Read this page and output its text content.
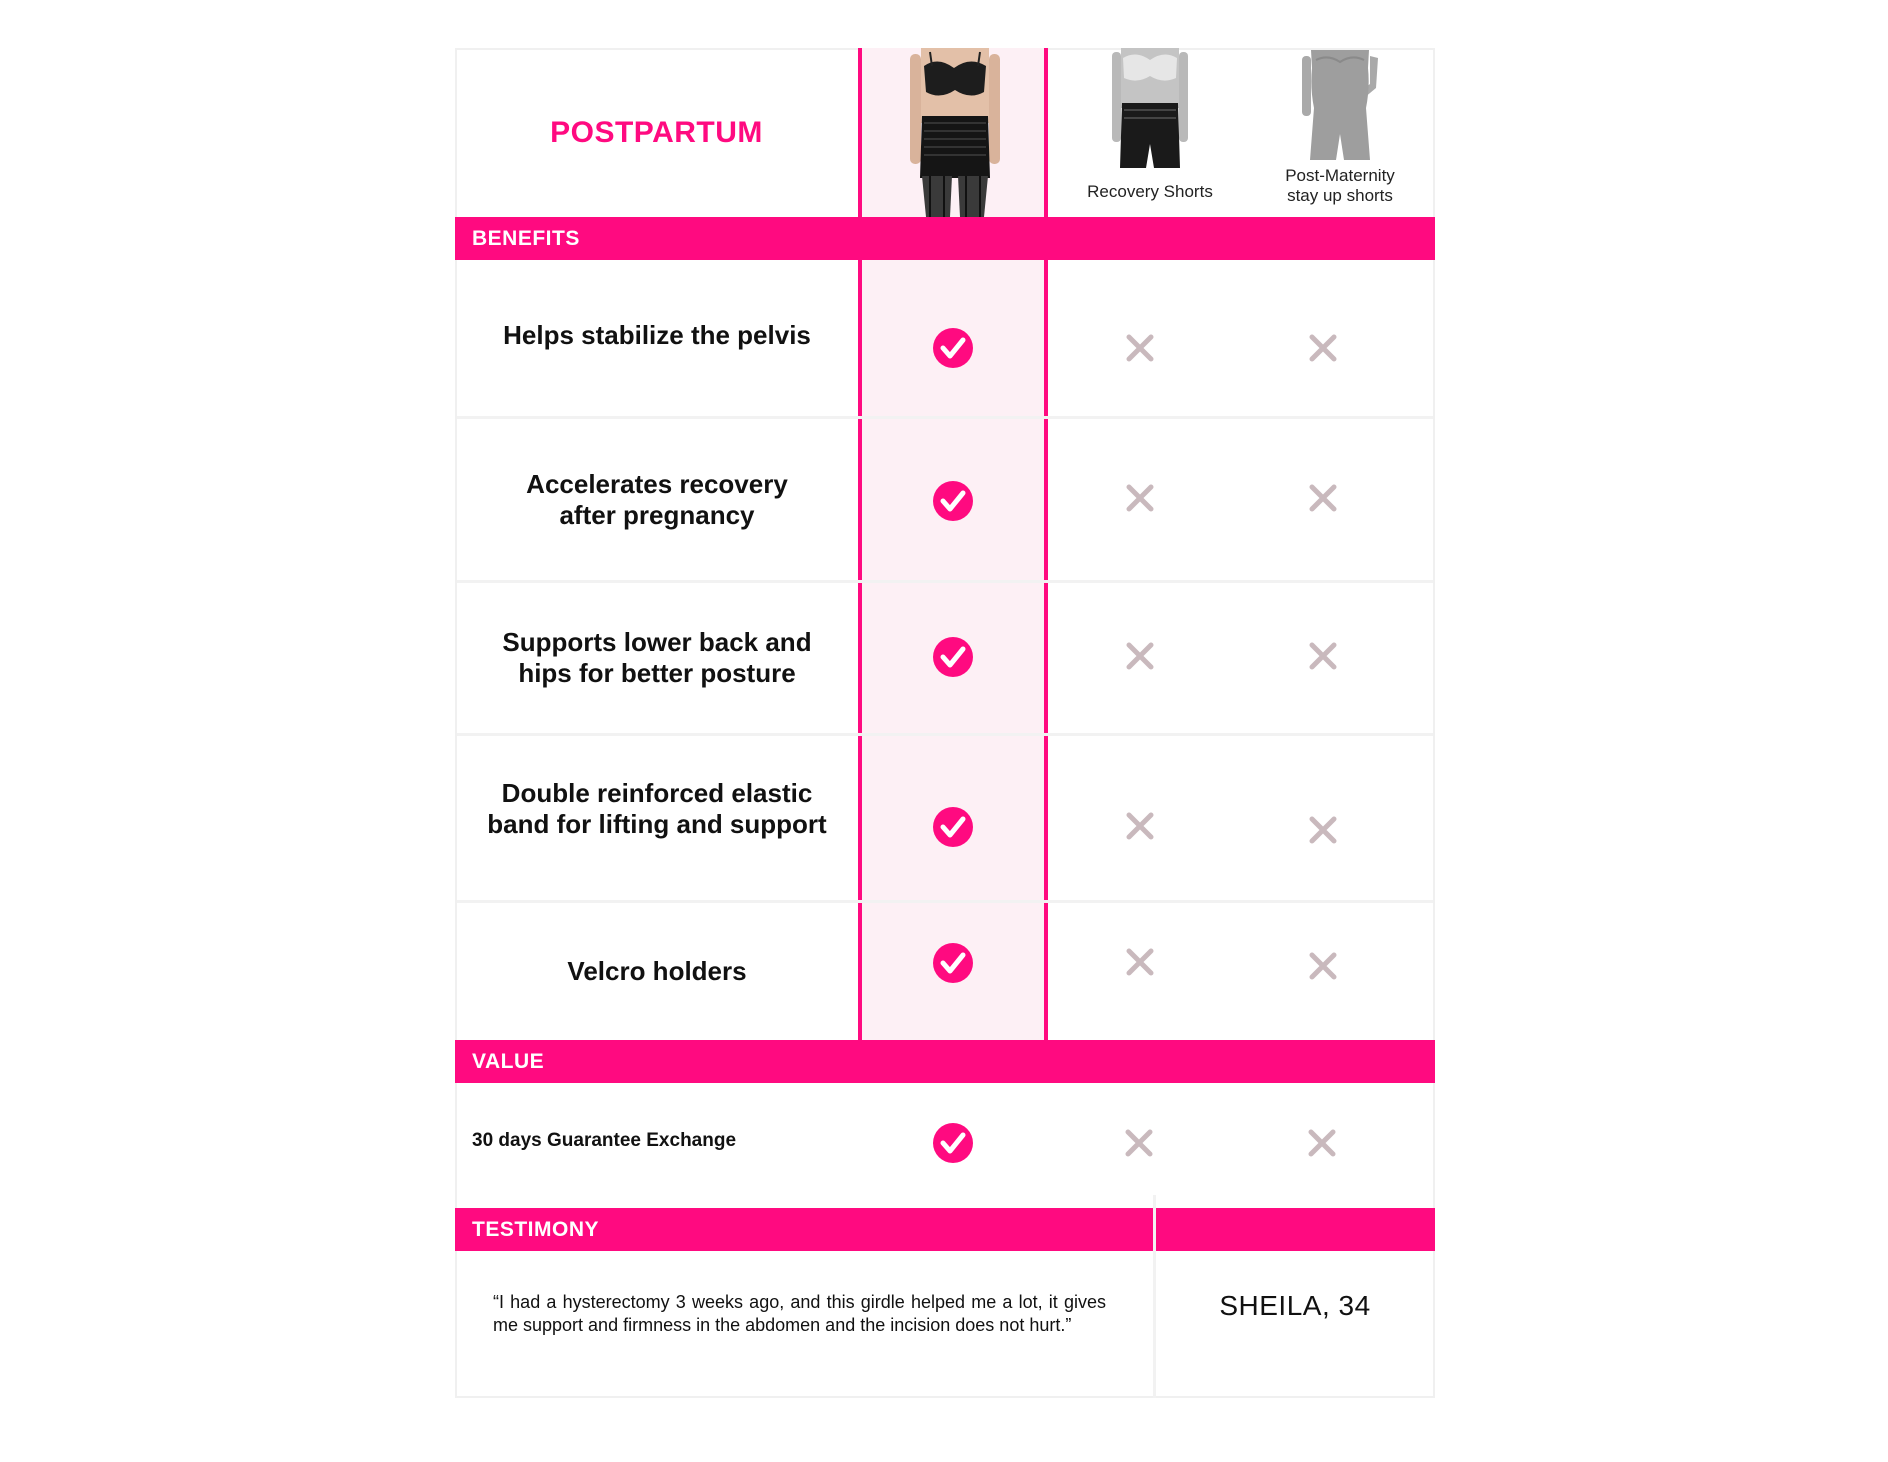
POSTPARTUM
Recovery Shorts
Post-Maternity
stay up shorts
BENEFITS
VALUE
TESTIMONY
Helps stabilize the pelvis
Accelerates recovery
after pregnancy
Supports lower back and
hips for better posture
Double reinforced elastic
band for lifting and support
Velcro holders
30 days Guarantee Exchange
“I had a hysterectomy 3 weeks ago, and this girdle helped me a lot, it gives me support and firmness in the abdomen and the incision does not hurt.”
SHEILA, 34
